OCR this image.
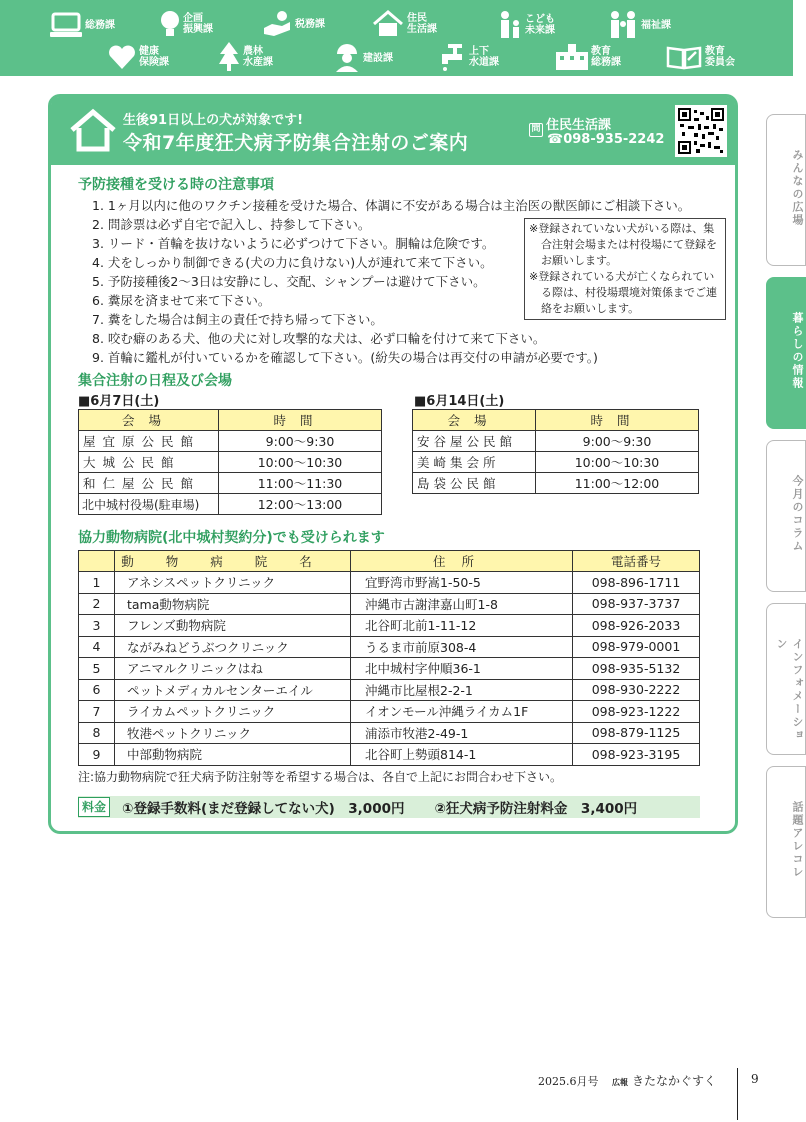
総務課
企画
振興課	税務課	住民
生活課
こども
未来課	福祉課
健康
保険課
農林
水産課	建設課
上下
水道課
教育
総務課
教育
委員会
生後91日以上の犬が対象です!
令和7年度狂犬病予防集合注射のご案内
問 住民生活課
☎098-935-2242
予防接種を受ける時の注意事項
1. 1ヶ月以内に他のワクチン接種を受けた場合、体調に不安がある場合は主治医の獣医師にご相談下さい。
2. 問診票は必ず自宅で記入し、持参して下さい。
3. リード・首輪を抜けないように必ずつけて下さい。胴輪は危険です。
4. 犬をしっかり制御できる(犬の力に負けない)人が連れて来て下さい。
5. 予防接種後2〜3日は安静にし、交配、シャンプーは避けて下さい。
6. 糞尿を済ませて来て下さい。
7. 糞をした場合は飼主の責任で持ち帰って下さい。
8. 咬む癖のある犬、他の犬に対し攻撃的な犬は、必ず口輪を付けて来て下さい。
9. 首輪に鑑札が付いているかを確認して下さい。(紛失の場合は再交付の申請が必要です。)
※登録されていない犬がいる際は、集合注射会場または村役場にて登録をお願いします。
※登録されている犬が亡くなられている際は、村役場環境対策係までご連絡をお願いします。
集合注射の日程及び会場
■6月7日(土)
会場	時間
屋宜原公民館	9:00〜9:30
大城公民館	10:00〜10:30
和仁屋公民館	11:00〜11:30
北中城村役場(駐車場)	12:00〜13:00
■6月14日(土)
会場	時間
安谷屋公民館	9:00〜9:30
美崎集会所	10:00〜10:30
島袋公民館	11:00〜12:00
協力動物病院(北中城村契約分)でも受けられます
	動物病院名	住所	電話番号
1	アネシスペットクリニック	宜野湾市野嵩1-50-5	098-896-1711
2	tama動物病院	沖縄市古謝津嘉山町1-8	098-937-3737
3	フレンズ動物病院	北谷町北前1-11-12	098-926-2033
4	ながみねどうぶつクリニック	うるま市前原308-4	098-979-0001
5	アニマルクリニックはね	北中城村字仲順36-1	098-935-5132
6	ペットメディカルセンターエイル	沖縄市比屋根2-2-1	098-930-2222
7	ライカムペットクリニック	イオンモール沖縄ライカム1F	098-923-1222
8	牧港ペットクリニック	浦添市牧港2-49-1	098-879-1125
9	中部動物病院	北谷町上勢頭814-1	098-923-3195
注:協力動物病院で狂犬病予防注射等を希望する場合は、各自で上記にお問合わせ下さい。
料金 ①登録手数料(まだ登録してない犬)　3,000円 ②狂犬病予防注射料金　3,400円
みんなの広場
暮らしの情報
今月のコラム
インフォメーション
話題アレコレ
2025.6月号 広報 きたなかぐすく	9
